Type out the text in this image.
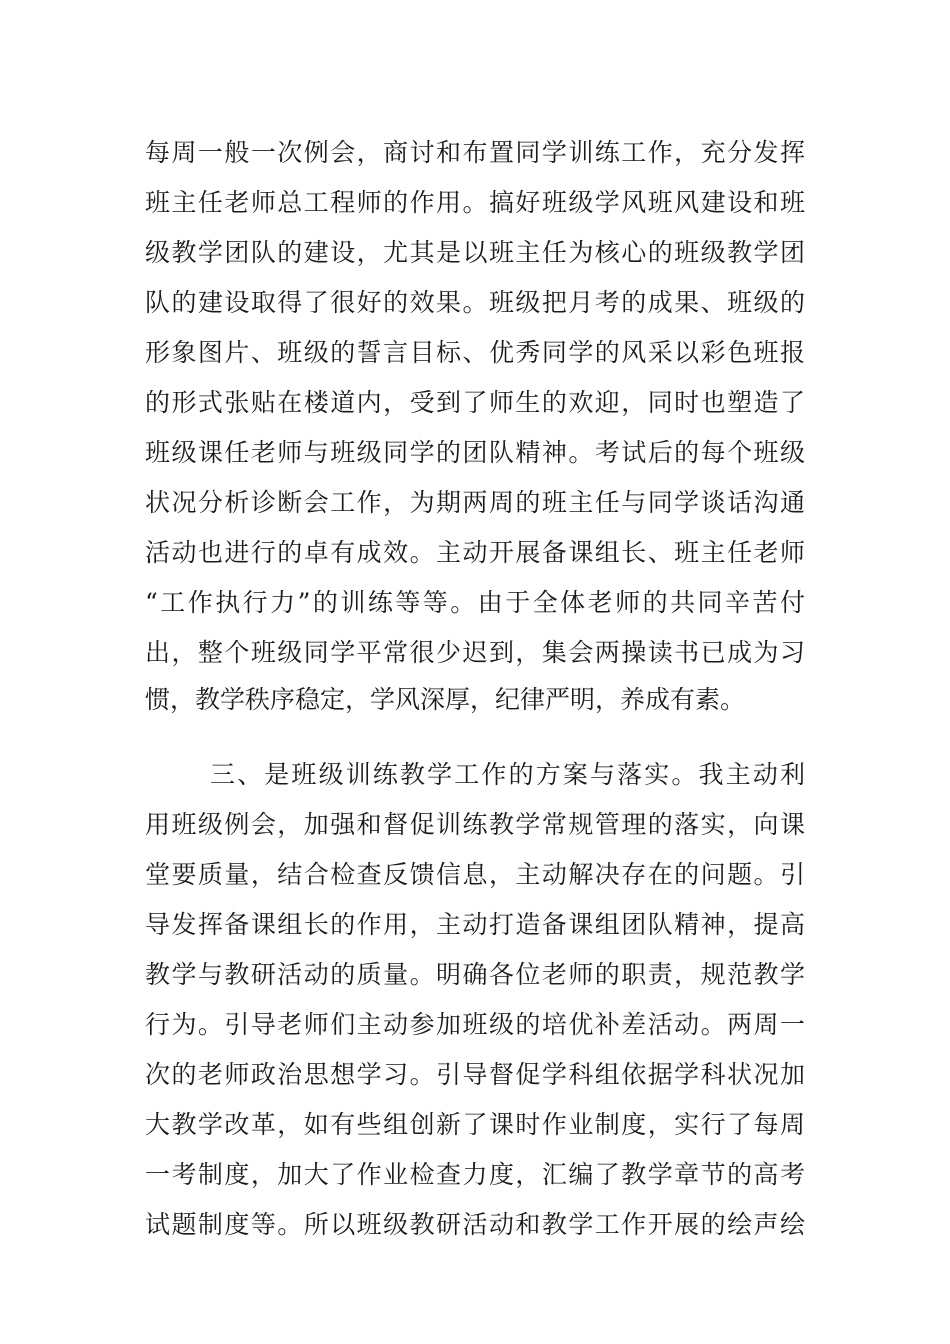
每周一般一次例会，商讨和布置同学训练工作，充分发挥
班主任老师总工程师的作用。搞好班级学风班风建设和班
级教学团队的建设，尤其是以班主任为核心的班级教学团
队的建设取得了很好的效果。班级把月考的成果、班级的
形象图片、班级的誓言目标、优秀同学的风采以彩色班报
的形式张贴在楼道内，受到了师生的欢迎，同时也塑造了
班级课任老师与班级同学的团队精神。考试后的每个班级
状况分析诊断会工作，为期两周的班主任与同学谈话沟通
活动也进行的卓有成效。主动开展备课组长、班主任老师
“工作执行力”的训练等等。由于全体老师的共同辛苦付
出，整个班级同学平常很少迟到，集会两操读书已成为习
惯，教学秩序稳定，学风深厚，纪律严明，养成有素。
三、是班级训练教学工作的方案与落实。我主动利
用班级例会，加强和督促训练教学常规管理的落实，向课
堂要质量，结合检查反馈信息，主动解决存在的问题。引
导发挥备课组长的作用，主动打造备课组团队精神，提高
教学与教研活动的质量。明确各位老师的职责，规范教学
行为。引导老师们主动参加班级的培优补差活动。两周一
次的老师政治思想学习。引导督促学科组依据学科状况加
大教学改革，如有些组创新了课时作业制度，实行了每周
一考制度，加大了作业检查力度，汇编了教学章节的高考
试题制度等。所以班级教研活动和教学工作开展的绘声绘
